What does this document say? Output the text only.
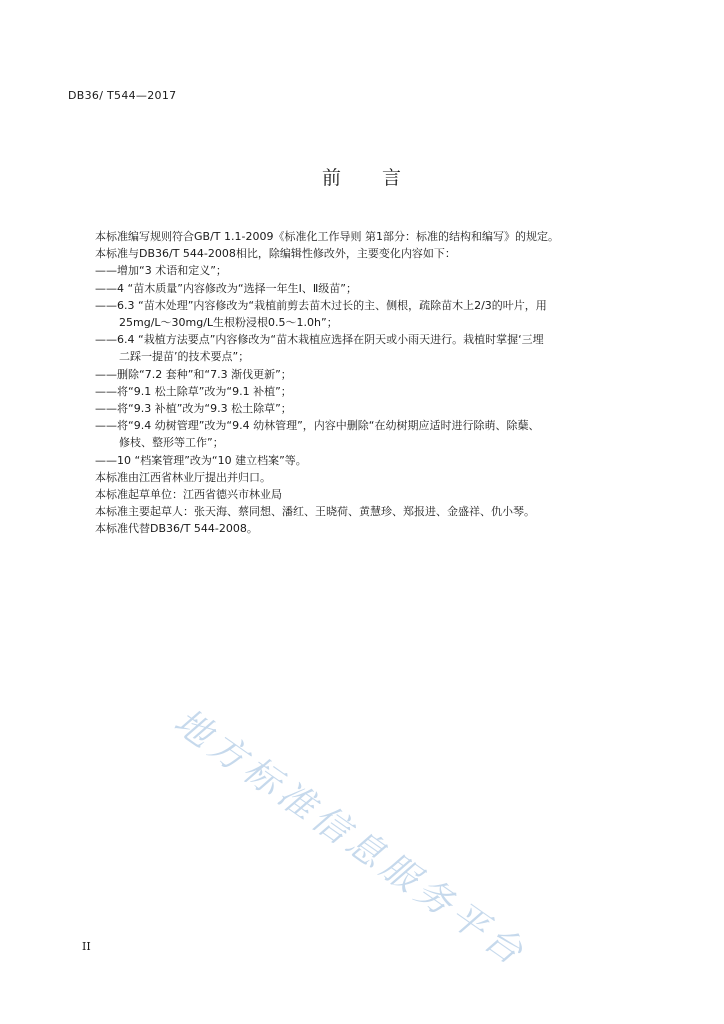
DB36/ T544—2017
前 言
本标准编写规则符合GB/T 1.1-2009《标准化工作导则 第1部分：标准的结构和编写》的规定。
本标准与DB36/T 544-2008相比，除编辑性修改外，主要变化内容如下：
——增加“3 术语和定义”；
——4 “苗木质量”内容修改为“选择一年生Ⅰ、Ⅱ级苗”；
——6.3 “苗木处理”内容修改为“栽植前剪去苗木过长的主、侧根，疏除苗木上2/3的叶片，用
25mg/L～30mg/L生根粉浸根0.5～1.0h”；
——6.4 “栽植方法要点”内容修改为“苗木栽植应选择在阴天或小雨天进行。栽植时掌握‘三埋
二踩一提苗’的技术要点”；
——删除“7.2 套种”和“7.3 渐伐更新”；
——将“9.1 松土除草”改为“9.1 补植”；
——将“9.3 补植”改为“9.3 松土除草”；
——将“9.4 幼树管理”改为“9.4 幼林管理”，内容中删除“在幼树期应适时进行除萌、除蘖、
修枝、整形等工作”；
——10 “档案管理”改为“10 建立档案”等。
本标准由江西省林业厅提出并归口。
本标准起草单位：江西省德兴市林业局
本标准主要起草人：张天海、蔡同想、潘红、王晓荷、黄慧珍、郑报进、金盛祥、仇小琴。
本标准代替DB36/T 544-2008。
地方标准信息服务平台
II
